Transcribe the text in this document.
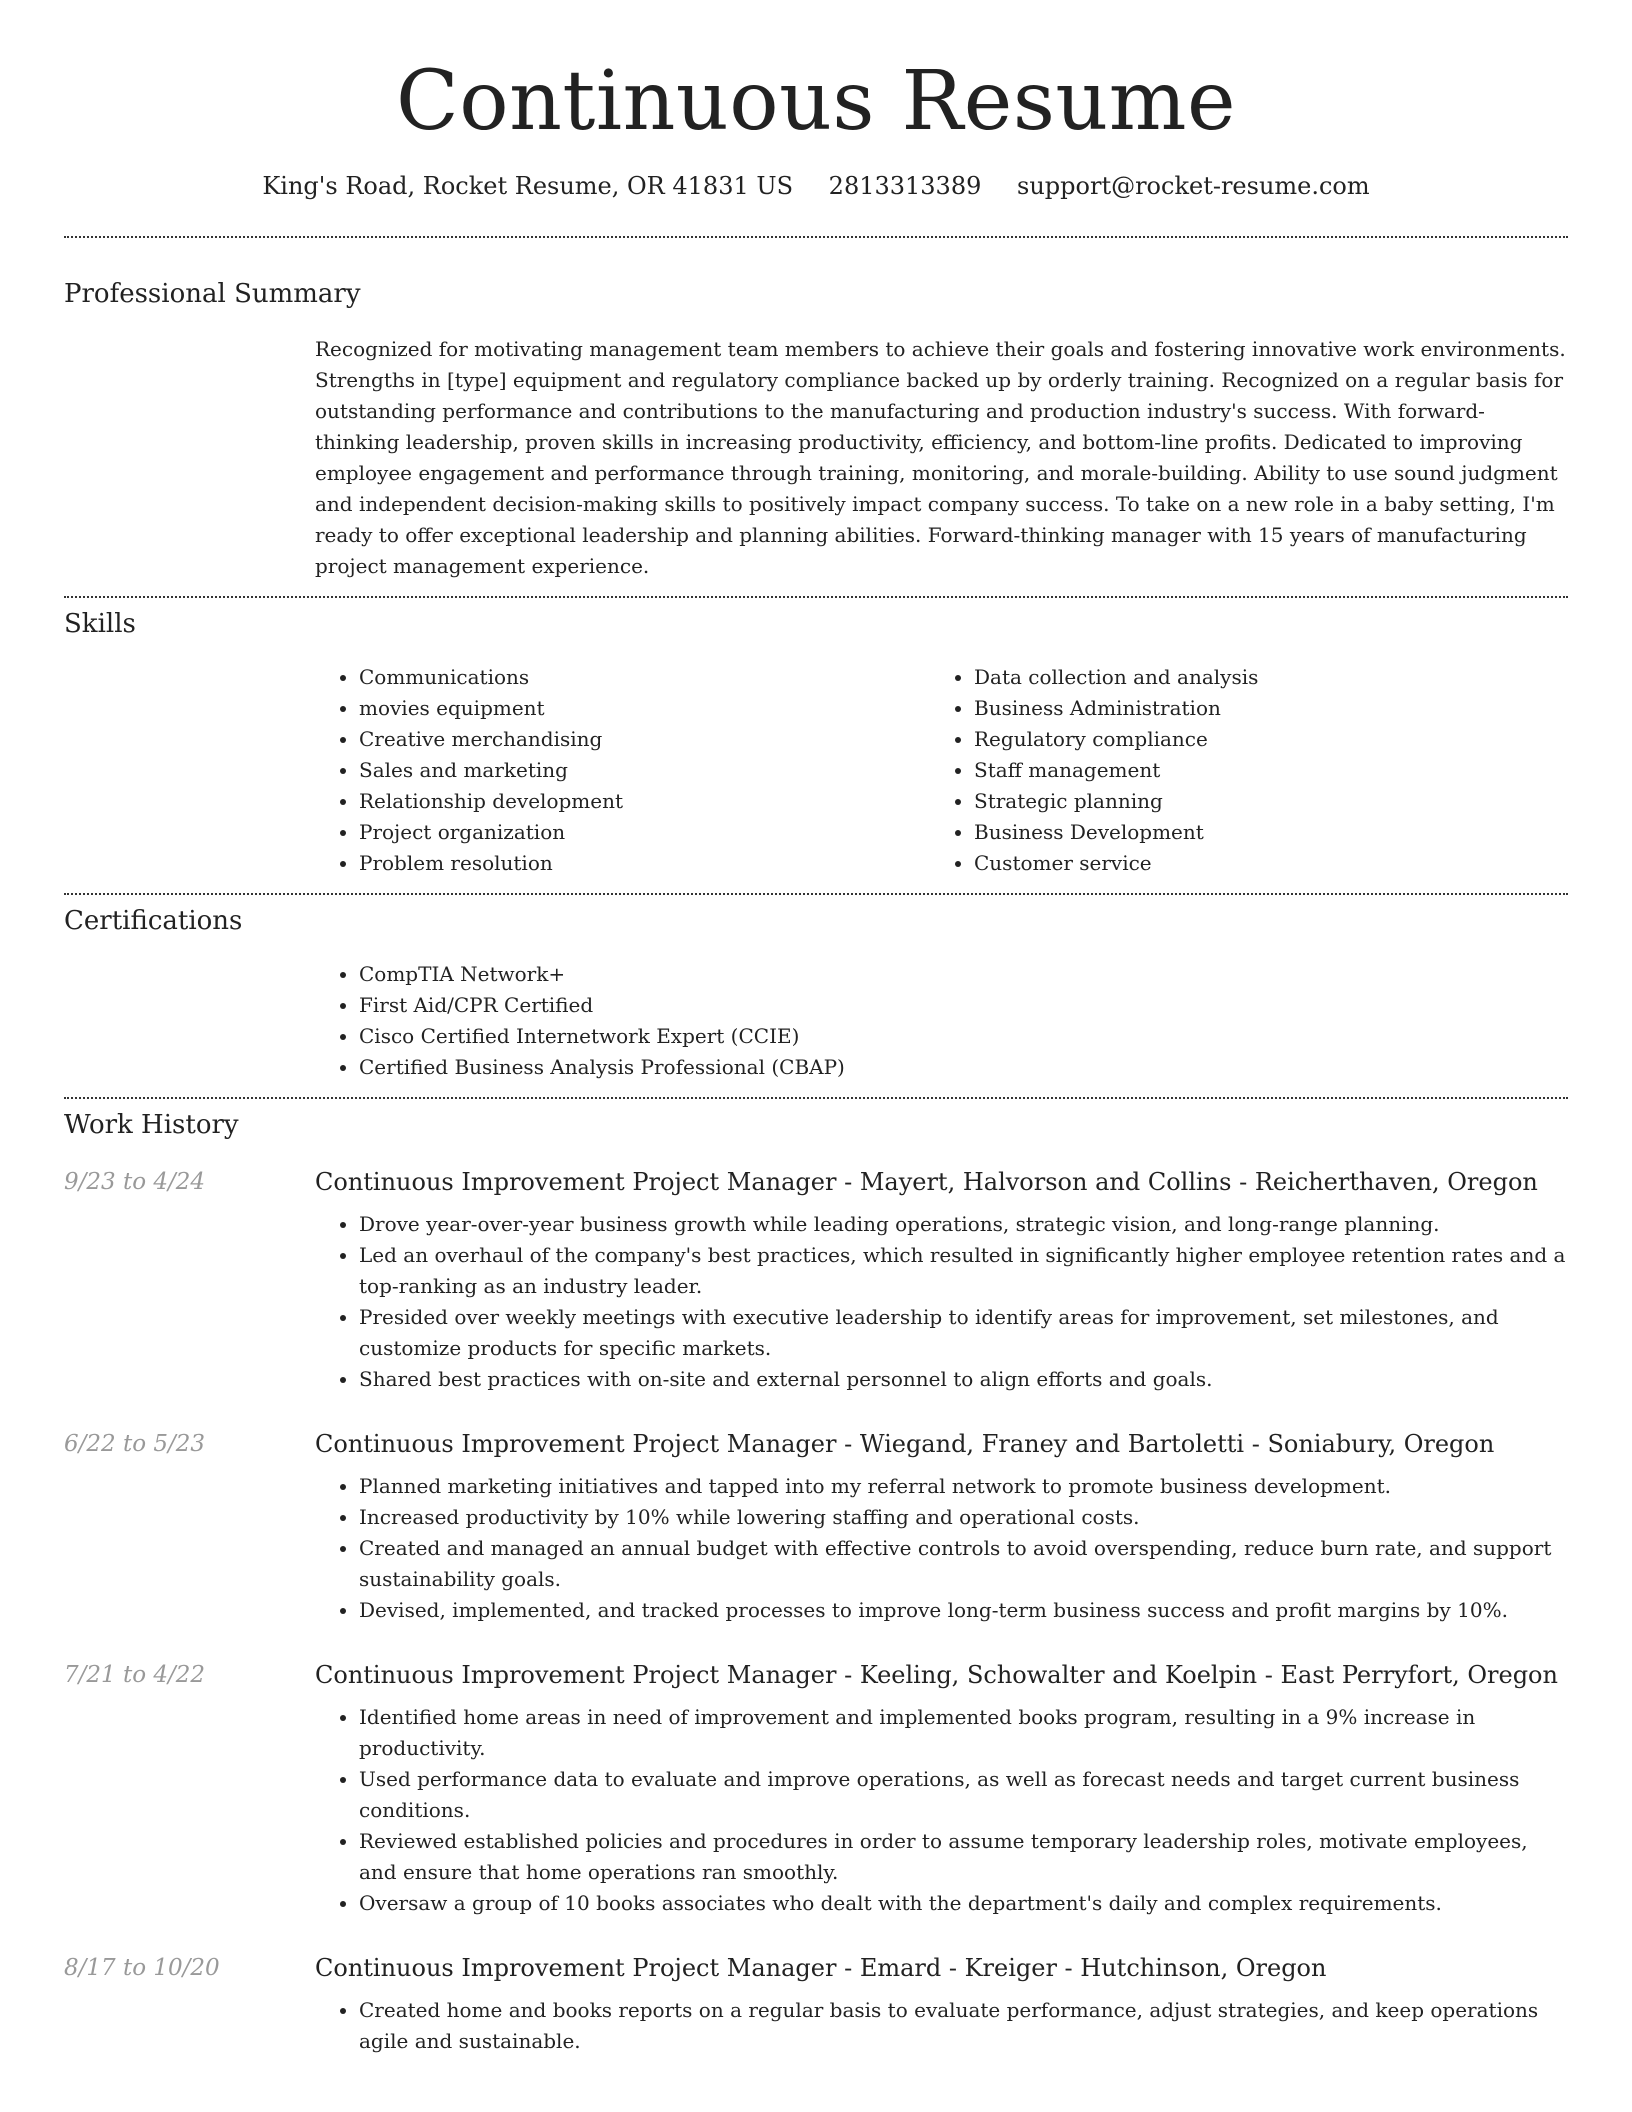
Continuous Resume
King's Road, Rocket Resume, OR 41831 US 2813313389 support@rocket-resume.com
Professional Summary
Recognized for motivating management team members to achieve their goals and fostering innovative work environments. Strengths in [type] equipment and regulatory compliance backed up by orderly training. Recognized on a regular basis for outstanding performance and contributions to the manufacturing and production industry's success. With forward-thinking leadership, proven skills in increasing productivity, efficiency, and bottom-line profits. Dedicated to improving employee engagement and performance through training, monitoring, and morale-building. Ability to use sound judgment and independent decision-making skills to positively impact company success. To take on a new role in a baby setting, I'm ready to offer exceptional leadership and planning abilities. Forward-thinking manager with 15 years of manufacturing project management experience.
Skills
• Communications
• movies equipment
• Creative merchandising
• Sales and marketing
• Relationship development
• Project organization
• Problem resolution
• Data collection and analysis
• Business Administration
• Regulatory compliance
• Staff management
• Strategic planning
• Business Development
• Customer service
Certifications
• CompTIA Network+
• First Aid/CPR Certified
• Cisco Certified Internetwork Expert (CCIE)
• Certified Business Analysis Professional (CBAP)
Work History
9/23 to 4/24	Continuous Improvement Project Manager - Mayert, Halvorson and Collins - Reicherthaven, Oregon
• Drove year-over-year business growth while leading operations, strategic vision, and long-range planning.
• Led an overhaul of the company's best practices, which resulted in significantly higher employee retention rates and a top-ranking as an industry leader.
• Presided over weekly meetings with executive leadership to identify areas for improvement, set milestones, and customize products for specific markets.
• Shared best practices with on-site and external personnel to align efforts and goals.
6/22 to 5/23	Continuous Improvement Project Manager - Wiegand, Franey and Bartoletti - Soniabury, Oregon
• Planned marketing initiatives and tapped into my referral network to promote business development.
• Increased productivity by 10% while lowering staffing and operational costs.
• Created and managed an annual budget with effective controls to avoid overspending, reduce burn rate, and support sustainability goals.
• Devised, implemented, and tracked processes to improve long-term business success and profit margins by 10%.
7/21 to 4/22	Continuous Improvement Project Manager - Keeling, Schowalter and Koelpin - East Perryfort, Oregon
• Identified home areas in need of improvement and implemented books program, resulting in a 9% increase in productivity.
• Used performance data to evaluate and improve operations, as well as forecast needs and target current business conditions.
• Reviewed established policies and procedures in order to assume temporary leadership roles, motivate employees, and ensure that home operations ran smoothly.
• Oversaw a group of 10 books associates who dealt with the department's daily and complex requirements.
8/17 to 10/20	Continuous Improvement Project Manager - Emard - Kreiger - Hutchinson, Oregon
• Created home and books reports on a regular basis to evaluate performance, adjust strategies, and keep operations agile and sustainable.
